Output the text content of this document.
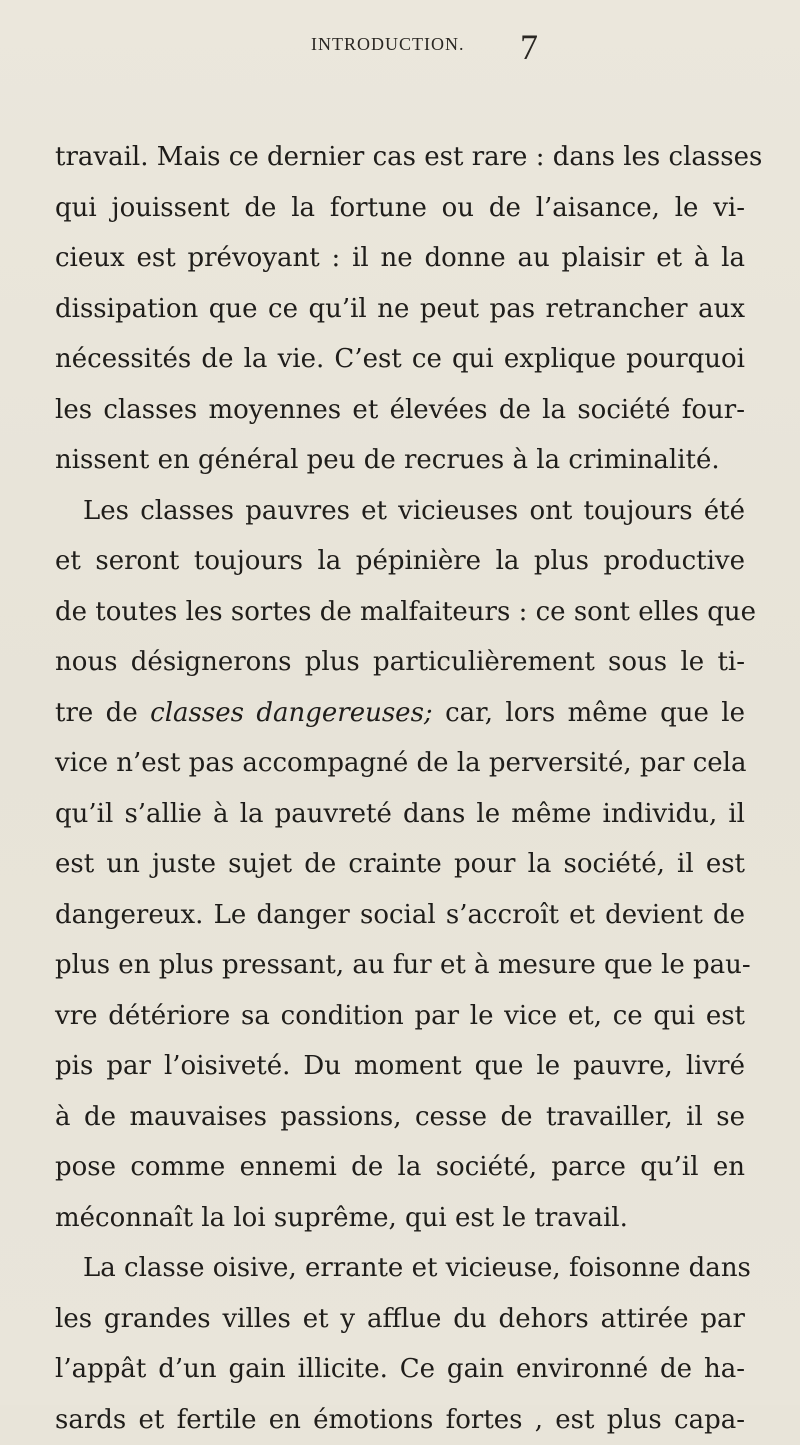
INTRODUCTION. 7
travail. Mais ce dernier cas est rare : dans les classes
qui jouissent de la fortune ou de l’aisance, le vi-
cieux est prévoyant : il ne donne au plaisir et à la
dissipation que ce qu’il ne peut pas retrancher aux
nécessités de la vie. C’est ce qui explique pourquoi
les classes moyennes et élevées de la société four-
nissent en général peu de recrues à la criminalité.
Les classes pauvres et vicieuses ont toujours été
et seront toujours la pépinière la plus productive
de toutes les sortes de malfaiteurs : ce sont elles que
nous désignerons plus particulièrement sous le ti-
tre de classes dangereuses; car, lors même que le
vice n’est pas accompagné de la perversité, par cela
qu’il s’allie à la pauvreté dans le même individu, il
est un juste sujet de crainte pour la société, il est
dangereux. Le danger social s’accroît et devient de
plus en plus pressant, au fur et à mesure que le pau-
vre détériore sa condition par le vice et, ce qui est
pis par l’oisiveté. Du moment que le pauvre, livré
à de mauvaises passions, cesse de travailler, il se
pose comme ennemi de la société, parce qu’il en
méconnaît la loi suprême, qui est le travail.
La classe oisive, errante et vicieuse, foisonne dans
les grandes villes et y afflue du dehors attirée par
l’appât d’un gain illicite. Ce gain environné de ha-
sards et fertile en émotions fortes , est plus capa-
